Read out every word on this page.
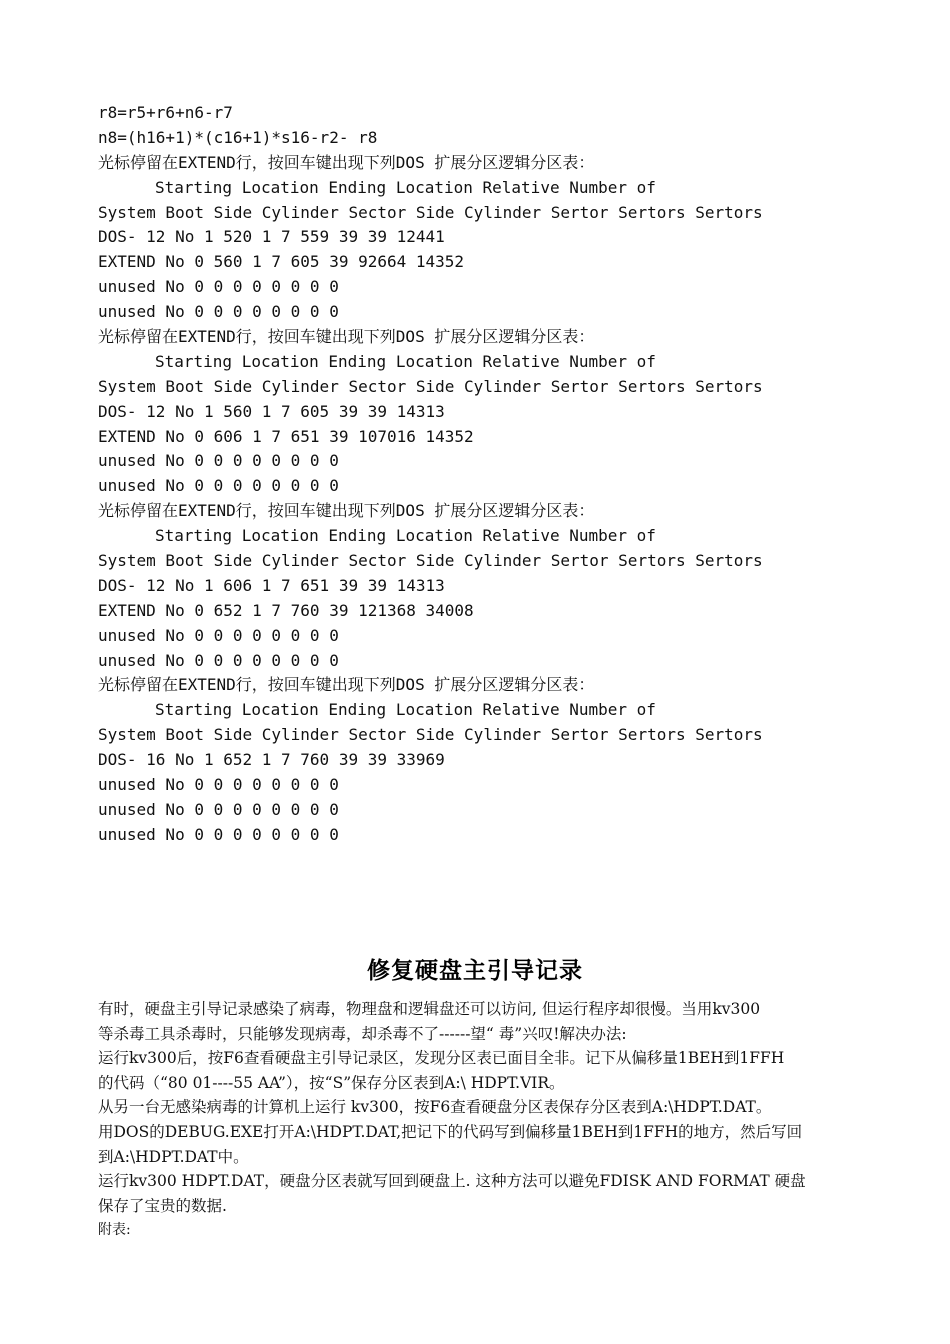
r8=r5+r6+n6-r7
n8=(h16+1)*(c16+1)*s16-r2- r8
光标停留在EXTEND行，按回车键出现下列DOS 扩展分区逻辑分区表：
Starting Location Ending Location Relative Number of
System Boot Side Cylinder Sector Side Cylinder Sertor Sertors Sertors
DOS- 12 No 1 520 1 7 559 39 39 12441
EXTEND No 0 560 1 7 605 39 92664 14352
unused No 0 0 0 0 0 0 0 0
unused No 0 0 0 0 0 0 0 0
光标停留在EXTEND行，按回车键出现下列DOS 扩展分区逻辑分区表：
Starting Location Ending Location Relative Number of
System Boot Side Cylinder Sector Side Cylinder Sertor Sertors Sertors
DOS- 12 No 1 560 1 7 605 39 39 14313
EXTEND No 0 606 1 7 651 39 107016 14352
unused No 0 0 0 0 0 0 0 0
unused No 0 0 0 0 0 0 0 0
光标停留在EXTEND行，按回车键出现下列DOS 扩展分区逻辑分区表：
Starting Location Ending Location Relative Number of
System Boot Side Cylinder Sector Side Cylinder Sertor Sertors Sertors
DOS- 12 No 1 606 1 7 651 39 39 14313
EXTEND No 0 652 1 7 760 39 121368 34008
unused No 0 0 0 0 0 0 0 0
unused No 0 0 0 0 0 0 0 0
光标停留在EXTEND行，按回车键出现下列DOS 扩展分区逻辑分区表：
Starting Location Ending Location Relative Number of
System Boot Side Cylinder Sector Side Cylinder Sertor Sertors Sertors
DOS- 16 No 1 652 1 7 760 39 39 33969
unused No 0 0 0 0 0 0 0 0
unused No 0 0 0 0 0 0 0 0
unused No 0 0 0 0 0 0 0 0
修复硬盘主引导记录
有时，硬盘主引导记录感染了病毒，物理盘和逻辑盘还可以访问, 但运行程序却很慢。当用kv300
等杀毒工具杀毒时，只能够发现病毒，却杀毒不了------望“ 毒”兴叹!解决办法:
运行kv300后，按F6查看硬盘主引导记录区，发现分区表已面目全非。记下从偏移量1BEH到1FFH
的代码（“80 01----55 AA”），按“S”保存分区表到A:\ HDPT.VIR。
从另一台无感染病毒的计算机上运行 kv300，按F6查看硬盘分区表保存分区表到A:\HDPT.DAT。
用DOS的DEBUG.EXE打开A:\HDPT.DAT,把记下的代码写到偏移量1BEH到1FFH的地方，然后写回
到A:\HDPT.DAT中。
运行kv300 HDPT.DAT，硬盘分区表就写回到硬盘上. 这种方法可以避免FDISK AND FORMAT 硬盘
保存了宝贵的数据.
附表:
